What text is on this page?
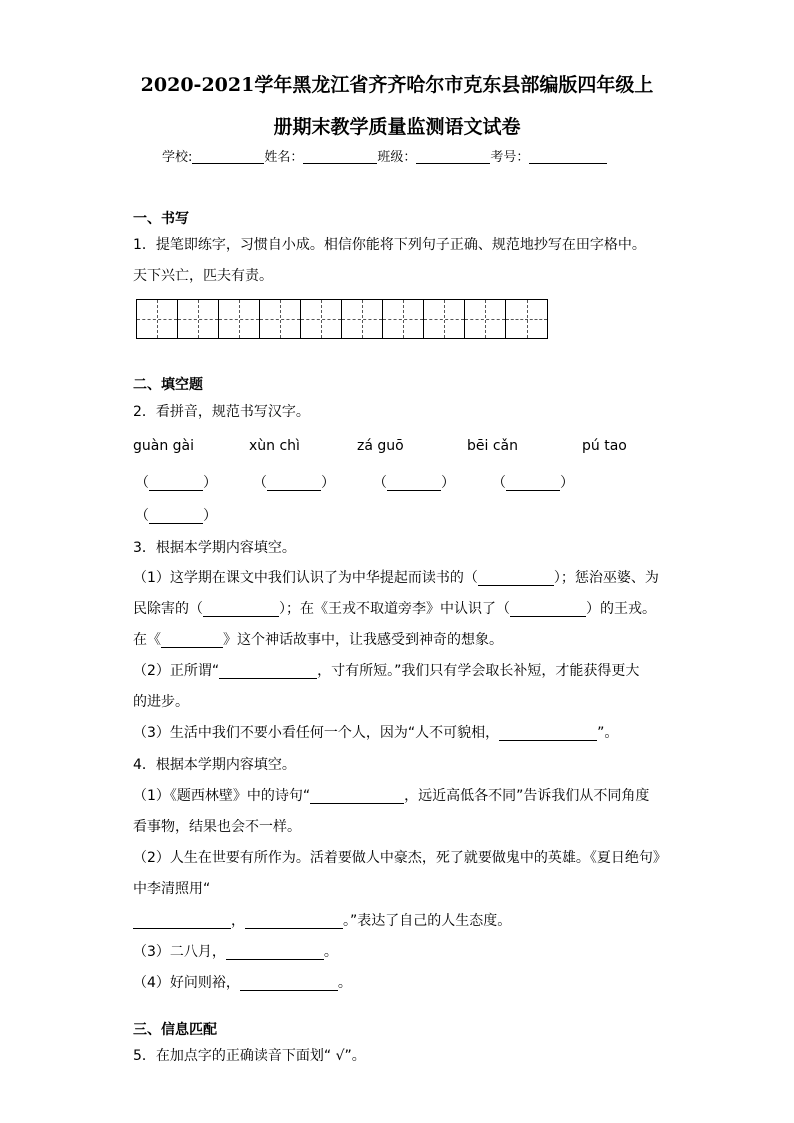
2020-2021学年黑龙江省齐齐哈尔市克东县部编版四年级上
册期末教学质量监测语文试卷
学校:	姓名：	班级：	考号：
一、书写
1．提笔即练字，习惯自小成。相信你能将下列句子正确、规范地抄写在田字格中。
天下兴亡，匹夫有责。
二、填空题
2．看拼音，规范书写汉字。
guàn gài	xùn chì	zá guō	bēi cǎn	pú tao
（	）	（	）	（	）	（	）
（	）
3．根据本学期内容填空。
（1）这学期在课文中我们认识了为中华提起而读书的（	）；惩治巫婆、为
民除害的（	）；在《王戎不取道旁李》中认识了（	）的王戎。
在《	》这个神话故事中，让我感受到神奇的想象。
（2）正所谓“	，寸有所短。”我们只有学会取长补短，才能获得更大
的进步。
（3）生活中我们不要小看任何一个人，因为“人不可貌相，	”。
4．根据本学期内容填空。
（1）《题西林壁》中的诗句“	，远近高低各不同”告诉我们从不同角度
看事物，结果也会不一样。
（2）人生在世要有所作为。活着要做人中豪杰，死了就要做鬼中的英雄。《夏日绝句》
中李清照用“
，	。”表达了自己的人生态度。
（3）二八月，	。
（4）好问则裕，	。
三、信息匹配
5．在加点字的正确读音下面划“ √”。
